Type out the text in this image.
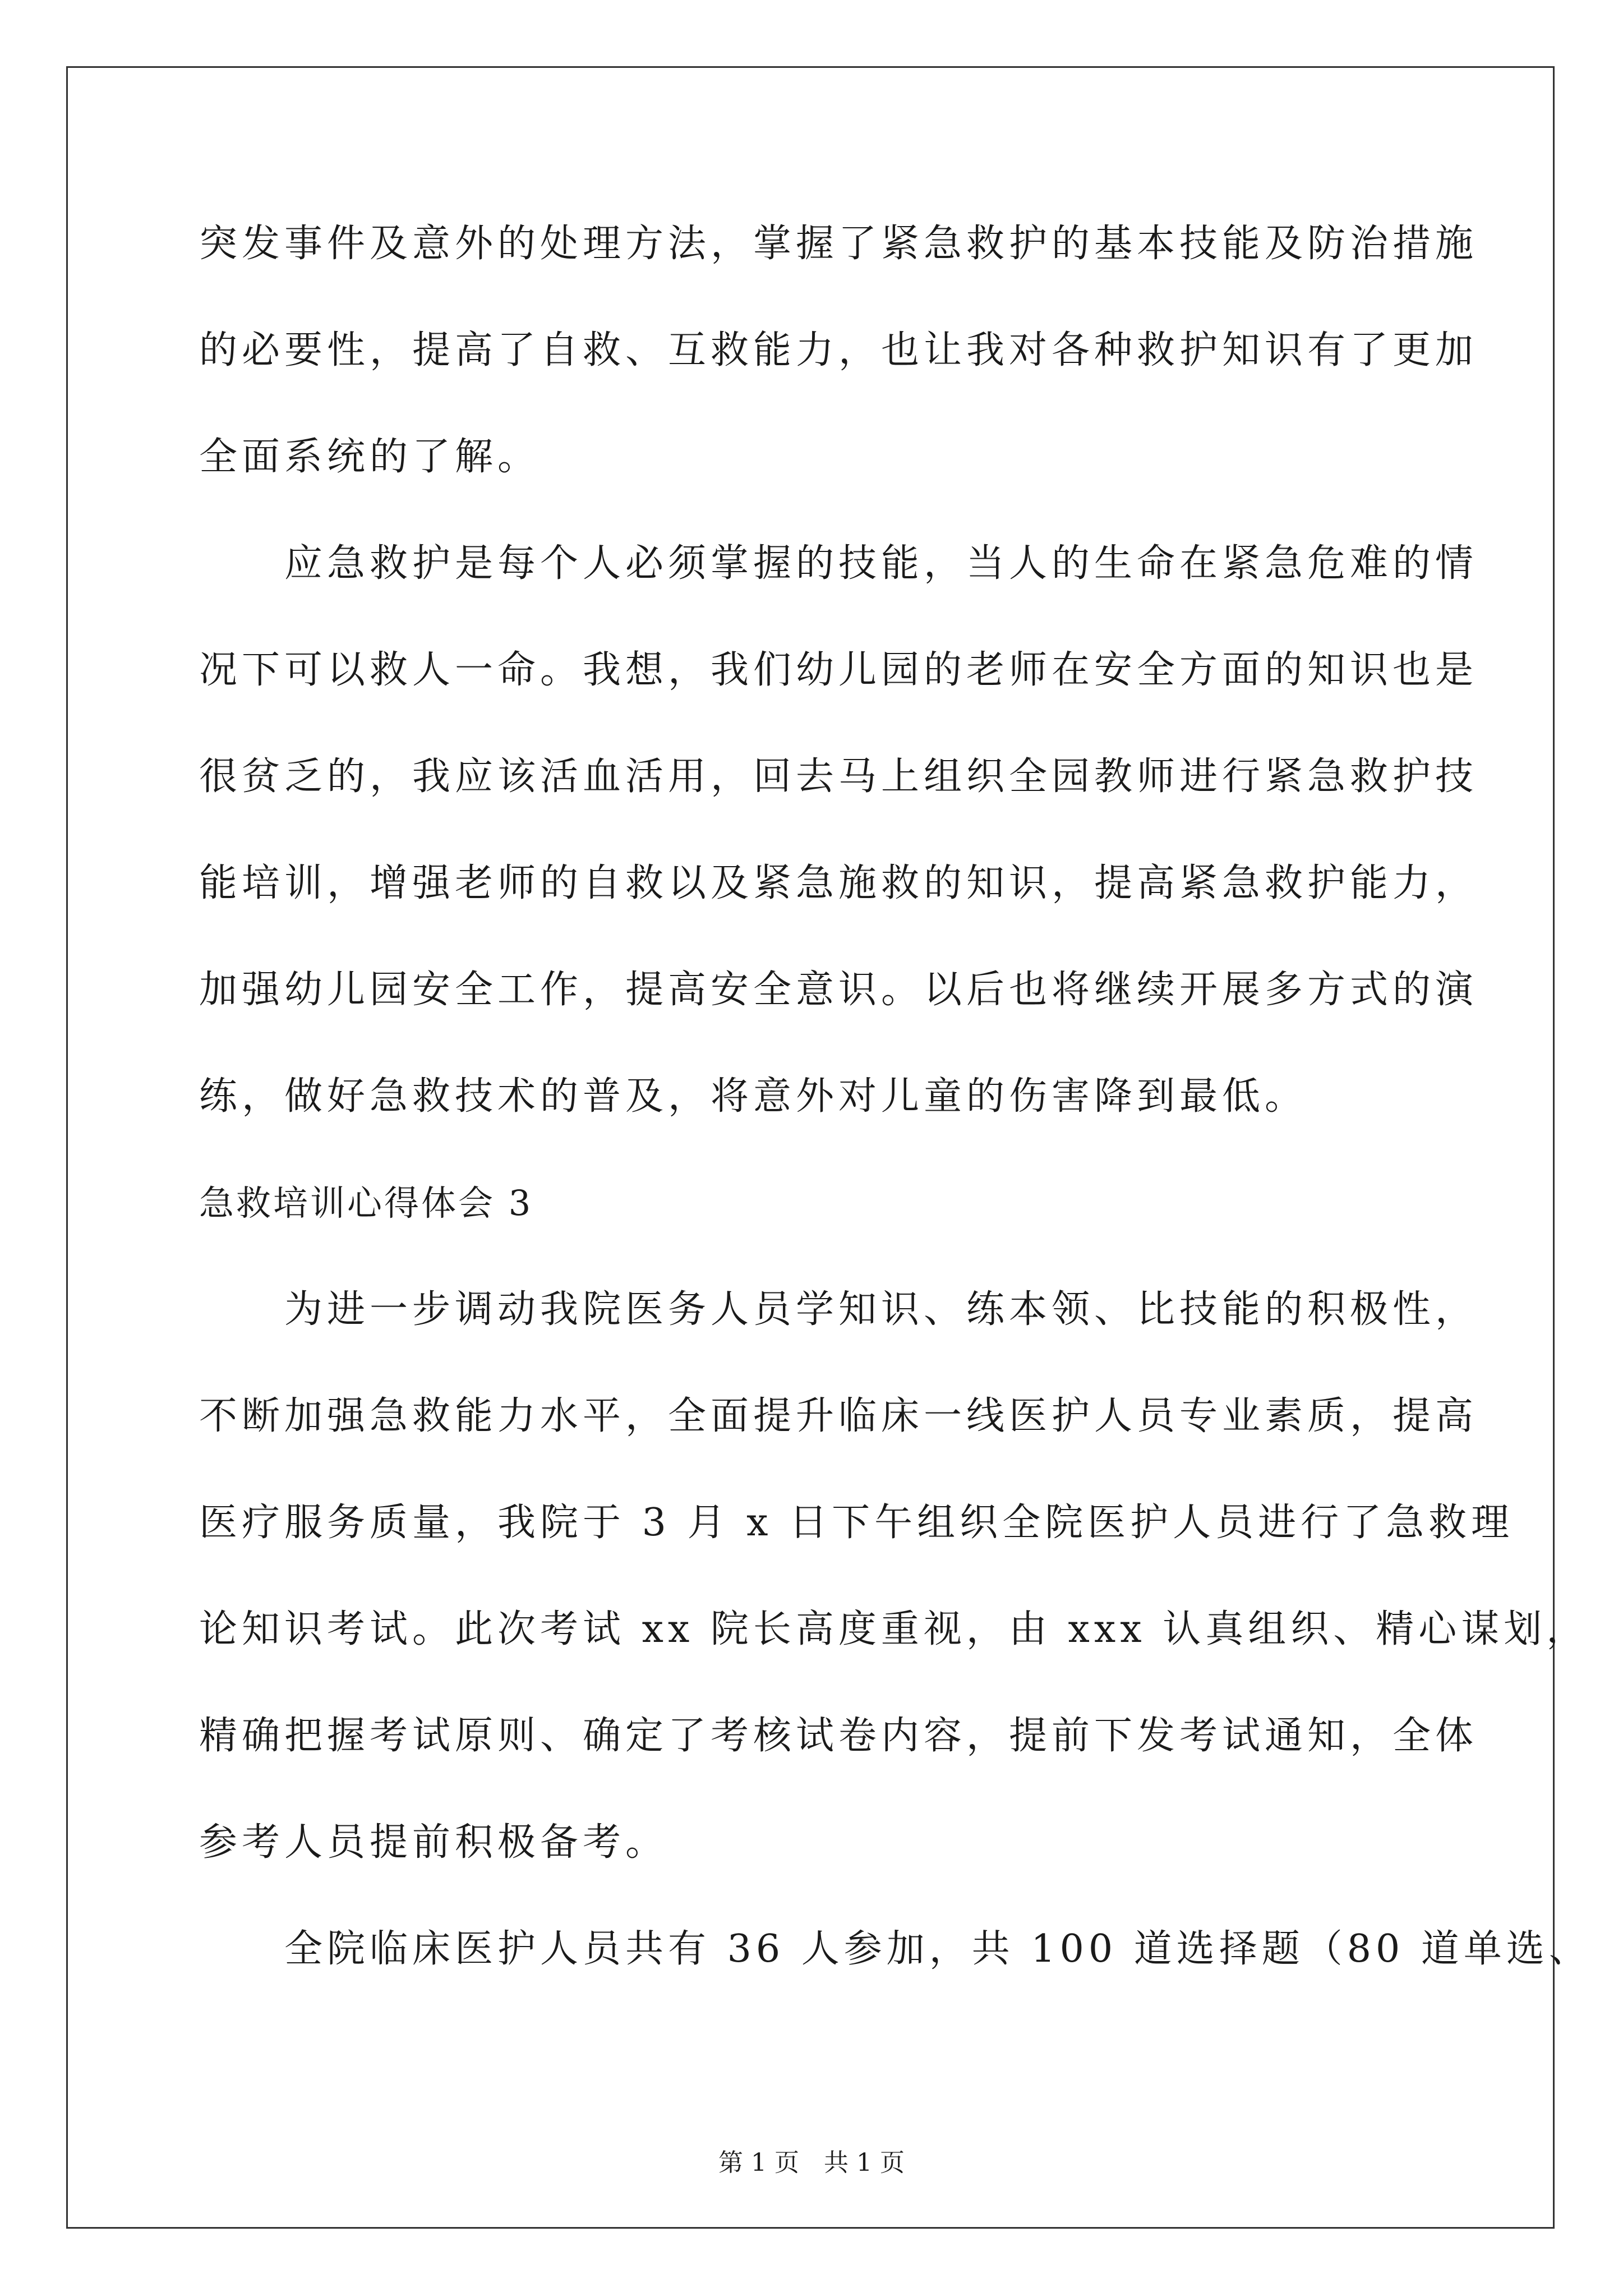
突发事件及意外的处理方法，掌握了紧急救护的基本技能及防治措施
的必要性，提高了自救、互救能力，也让我对各种救护知识有了更加
全面系统的了解。
　　应急救护是每个人必须掌握的技能，当人的生命在紧急危难的情
况下可以救人一命。我想，我们幼儿园的老师在安全方面的知识也是
很贫乏的，我应该活血活用，回去马上组织全园教师进行紧急救护技
能培训，增强老师的自救以及紧急施救的知识，提高紧急救护能力，
加强幼儿园安全工作，提高安全意识。以后也将继续开展多方式的演
练，做好急救技术的普及，将意外对儿童的伤害降到最低。
急救培训心得体会 3
　　为进一步调动我院医务人员学知识、练本领、比技能的积极性，
不断加强急救能力水平，全面提升临床一线医护人员专业素质，提高
医疗服务质量，我院于 3 月 x 日下午组织全院医护人员进行了急救理
论知识考试。此次考试 xx 院长高度重视，由 xxx 认真组织、精心谋划，
精确把握考试原则、确定了考核试卷内容，提前下发考试通知，全体
参考人员提前积极备考。
　　全院临床医护人员共有 36 人参加，共 100 道选择题（80 道单选、
第 1 页　共 1 页
